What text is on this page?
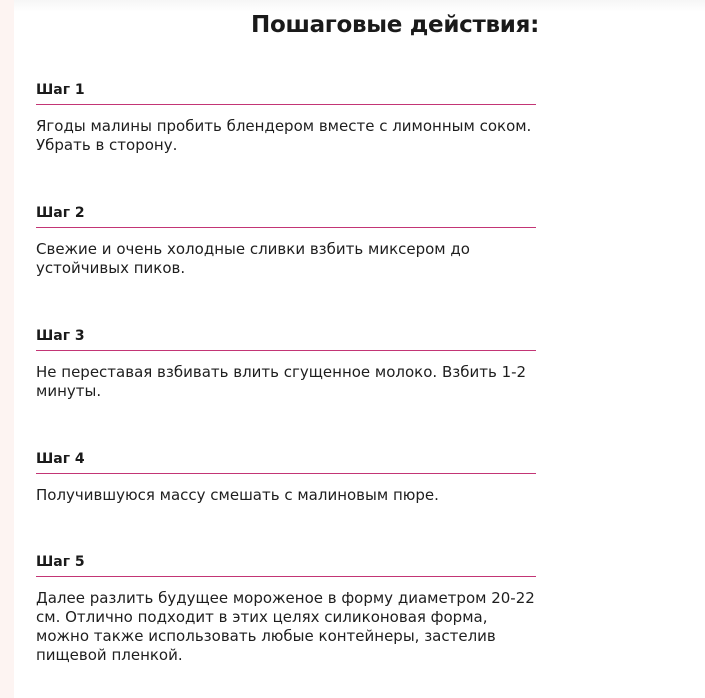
Пошаговые действия:
Шаг 1
Ягоды малины пробить блендером вместе с лимонным соком. Убрать в сторону.
Шаг 2
Свежие и очень холодные сливки взбить миксером до устойчивых пиков.
Шаг 3
Не переставая взбивать влить сгущенное молоко. Взбить 1-2 минуты.
Шаг 4
Получившуюся массу смешать с малиновым пюре.
Шаг 5
Далее разлить будущее мороженое в форму диаметром 20-22 см. Отлично подходит в этих целях силиконовая форма, можно также использовать любые контейнеры, застелив пищевой пленкой.
